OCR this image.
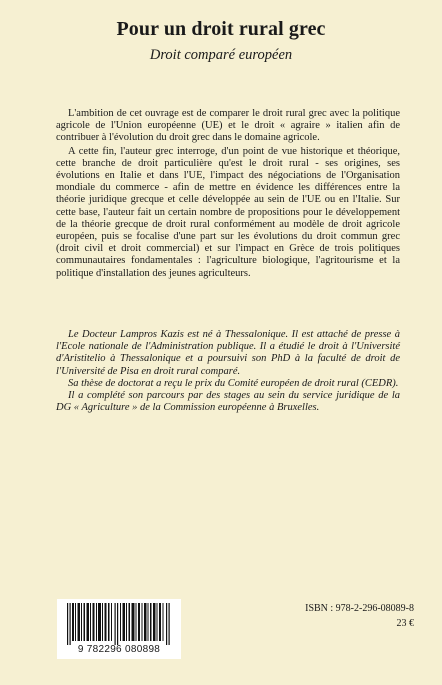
Pour un droit rural grec
Droit comparé européen

L'ambition de cet ouvrage est de comparer le droit rural grec avec la politique agricole de l'Union européenne (UE) et le droit « agraire » italien afin de contribuer à l'évolution du droit grec dans le domaine agricole.

A cette fin, l'auteur grec interroge, d'un point de vue historique et théorique, cette branche de droit particulière qu'est le droit rural - ses origines, ses évolutions en Italie et dans l'UE, l'impact des négociations de l'Organisation mondiale du commerce - afin de mettre en évidence les différences entre la théorie juridique grecque et celle développée au sein de l'UE ou en l'Italie. Sur cette base, l'auteur fait un certain nombre de propositions pour le développement de la théorie grecque de droit rural conformément au modèle de droit agricole européen, puis se focalise d'une part sur les évolutions du droit commun grec (droit civil et droit commercial) et sur l'impact en Grèce de trois politiques communautaires fondamentales : l'agriculture biologique, l'agritourisme et la politique d'installation des jeunes agriculteurs.

Le Docteur Lampros Kazis est né à Thessalonique. Il est attaché de presse à l'Ecole nationale de l'Administration publique. Il a étudié le droit à l'Université d'Aristitelio à Thessalonique et a poursuivi son PhD à la faculté de droit de l'Université de Pisa en droit rural comparé.

Sa thèse de doctorat a reçu le prix du Comité européen de droit rural (CEDR).

Il a complété son parcours par des stages au sein du service juridique de la DG « Agriculture » de la Commission européenne à Bruxelles.

9 782296 080898
ISBN : 978-2-296-08089-8
23 €
